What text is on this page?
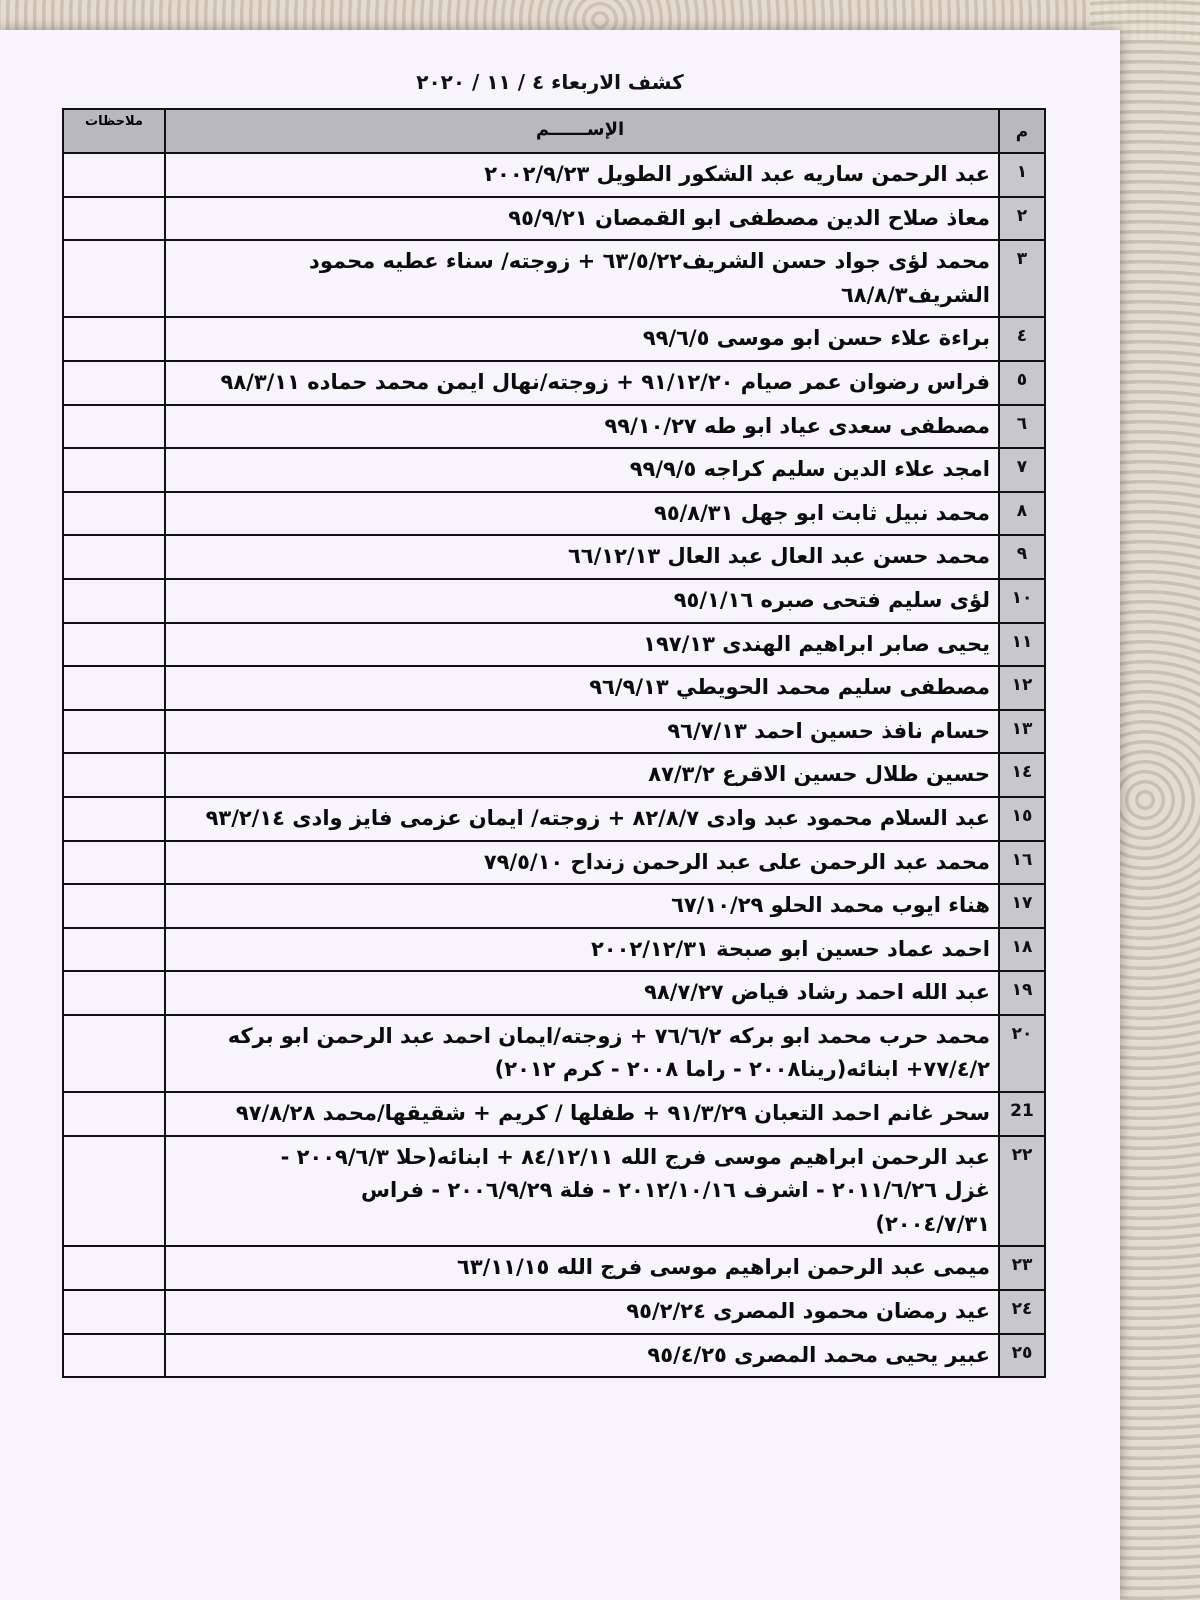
كشف الاربعاء ٤ / ١١ / ٢٠٢٠
م
الإســــــم
ملاحظات
١
عبد الرحمن ساريه عبد الشكور الطويل ٢٠٠٢/٩/٢٣
٢
معاذ صلاح الدين مصطفى ابو القمصان ٩٥/٩/٢١
٣
محمد لؤى جواد حسن الشريف٦٣/٥/٢٢ + زوجته/ سناء عطيه محمود الشريف٦٨/٨/٣
٤
براءة علاء حسن ابو موسى ٩٩/٦/٥
٥
فراس رضوان عمر صيام ٩١/١٢/٢٠ + زوجته/نهال ايمن محمد حماده ٩٨/٣/١١
٦
مصطفى سعدى عياد ابو طه ٩٩/١٠/٢٧
٧
امجد علاء الدين سليم كراجه ٩٩/٩/٥
٨
محمد نبيل ثابت ابو جهل ٩٥/٨/٣١
٩
محمد حسن عبد العال عبد العال ٦٦/١٢/١٣
١٠
لؤى سليم فتحى صبره ٩٥/١/١٦
١١
يحيى صابر ابراهيم الهندى ١٩٧/١٣
١٢
مصطفى سليم محمد الحويطي ٩٦/٩/١٣
١٣
حسام نافذ حسين احمد ٩٦/٧/١٣
١٤
حسين طلال حسين الاقرع ٨٧/٣/٢
١٥
عبد السلام محمود عبد وادى ٨٢/٨/٧ + زوجته/ ايمان عزمى فايز وادى ٩٣/٢/١٤
١٦
محمد عبد الرحمن على عبد الرحمن زنداح ٧٩/٥/١٠
١٧
هناء ايوب محمد الحلو ٦٧/١٠/٢٩
١٨
احمد عماد حسين ابو صبحة ٢٠٠٢/١٢/٣١
١٩
عبد الله احمد رشاد فياض ٩٨/٧/٢٧
٢٠
محمد حرب محمد ابو بركه ٧٦/٦/٢ + زوجته/ايمان احمد عبد الرحمن ابو بركه
٧٧/٤/٢+ ابنائه(رينا٢٠٠٨ - راما ٢٠٠٨ - كرم ٢٠١٢)
21
سحر غانم احمد التعبان ٩١/٣/٢٩ + طفلها / كريم + شقيقها/محمد ٩٧/٨/٢٨
٢٢
عبد الرحمن ابراهيم موسى فرج الله ٨٤/١٢/١١ + ابنائه(حلا ٢٠٠٩/٦/٣ -
غزل ٢٠١١/٦/٢٦ - اشرف ٢٠١٢/١٠/١٦ - فلة ٢٠٠٦/٩/٢٩ - فراس
٢٠٠٤/٧/٣١)
٢٣
ميمى عبد الرحمن ابراهيم موسى فرج الله ٦٣/١١/١٥
٢٤
عيد رمضان محمود المصرى ٩٥/٢/٢٤
٢٥
عبير يحيى محمد المصرى ٩٥/٤/٢٥
